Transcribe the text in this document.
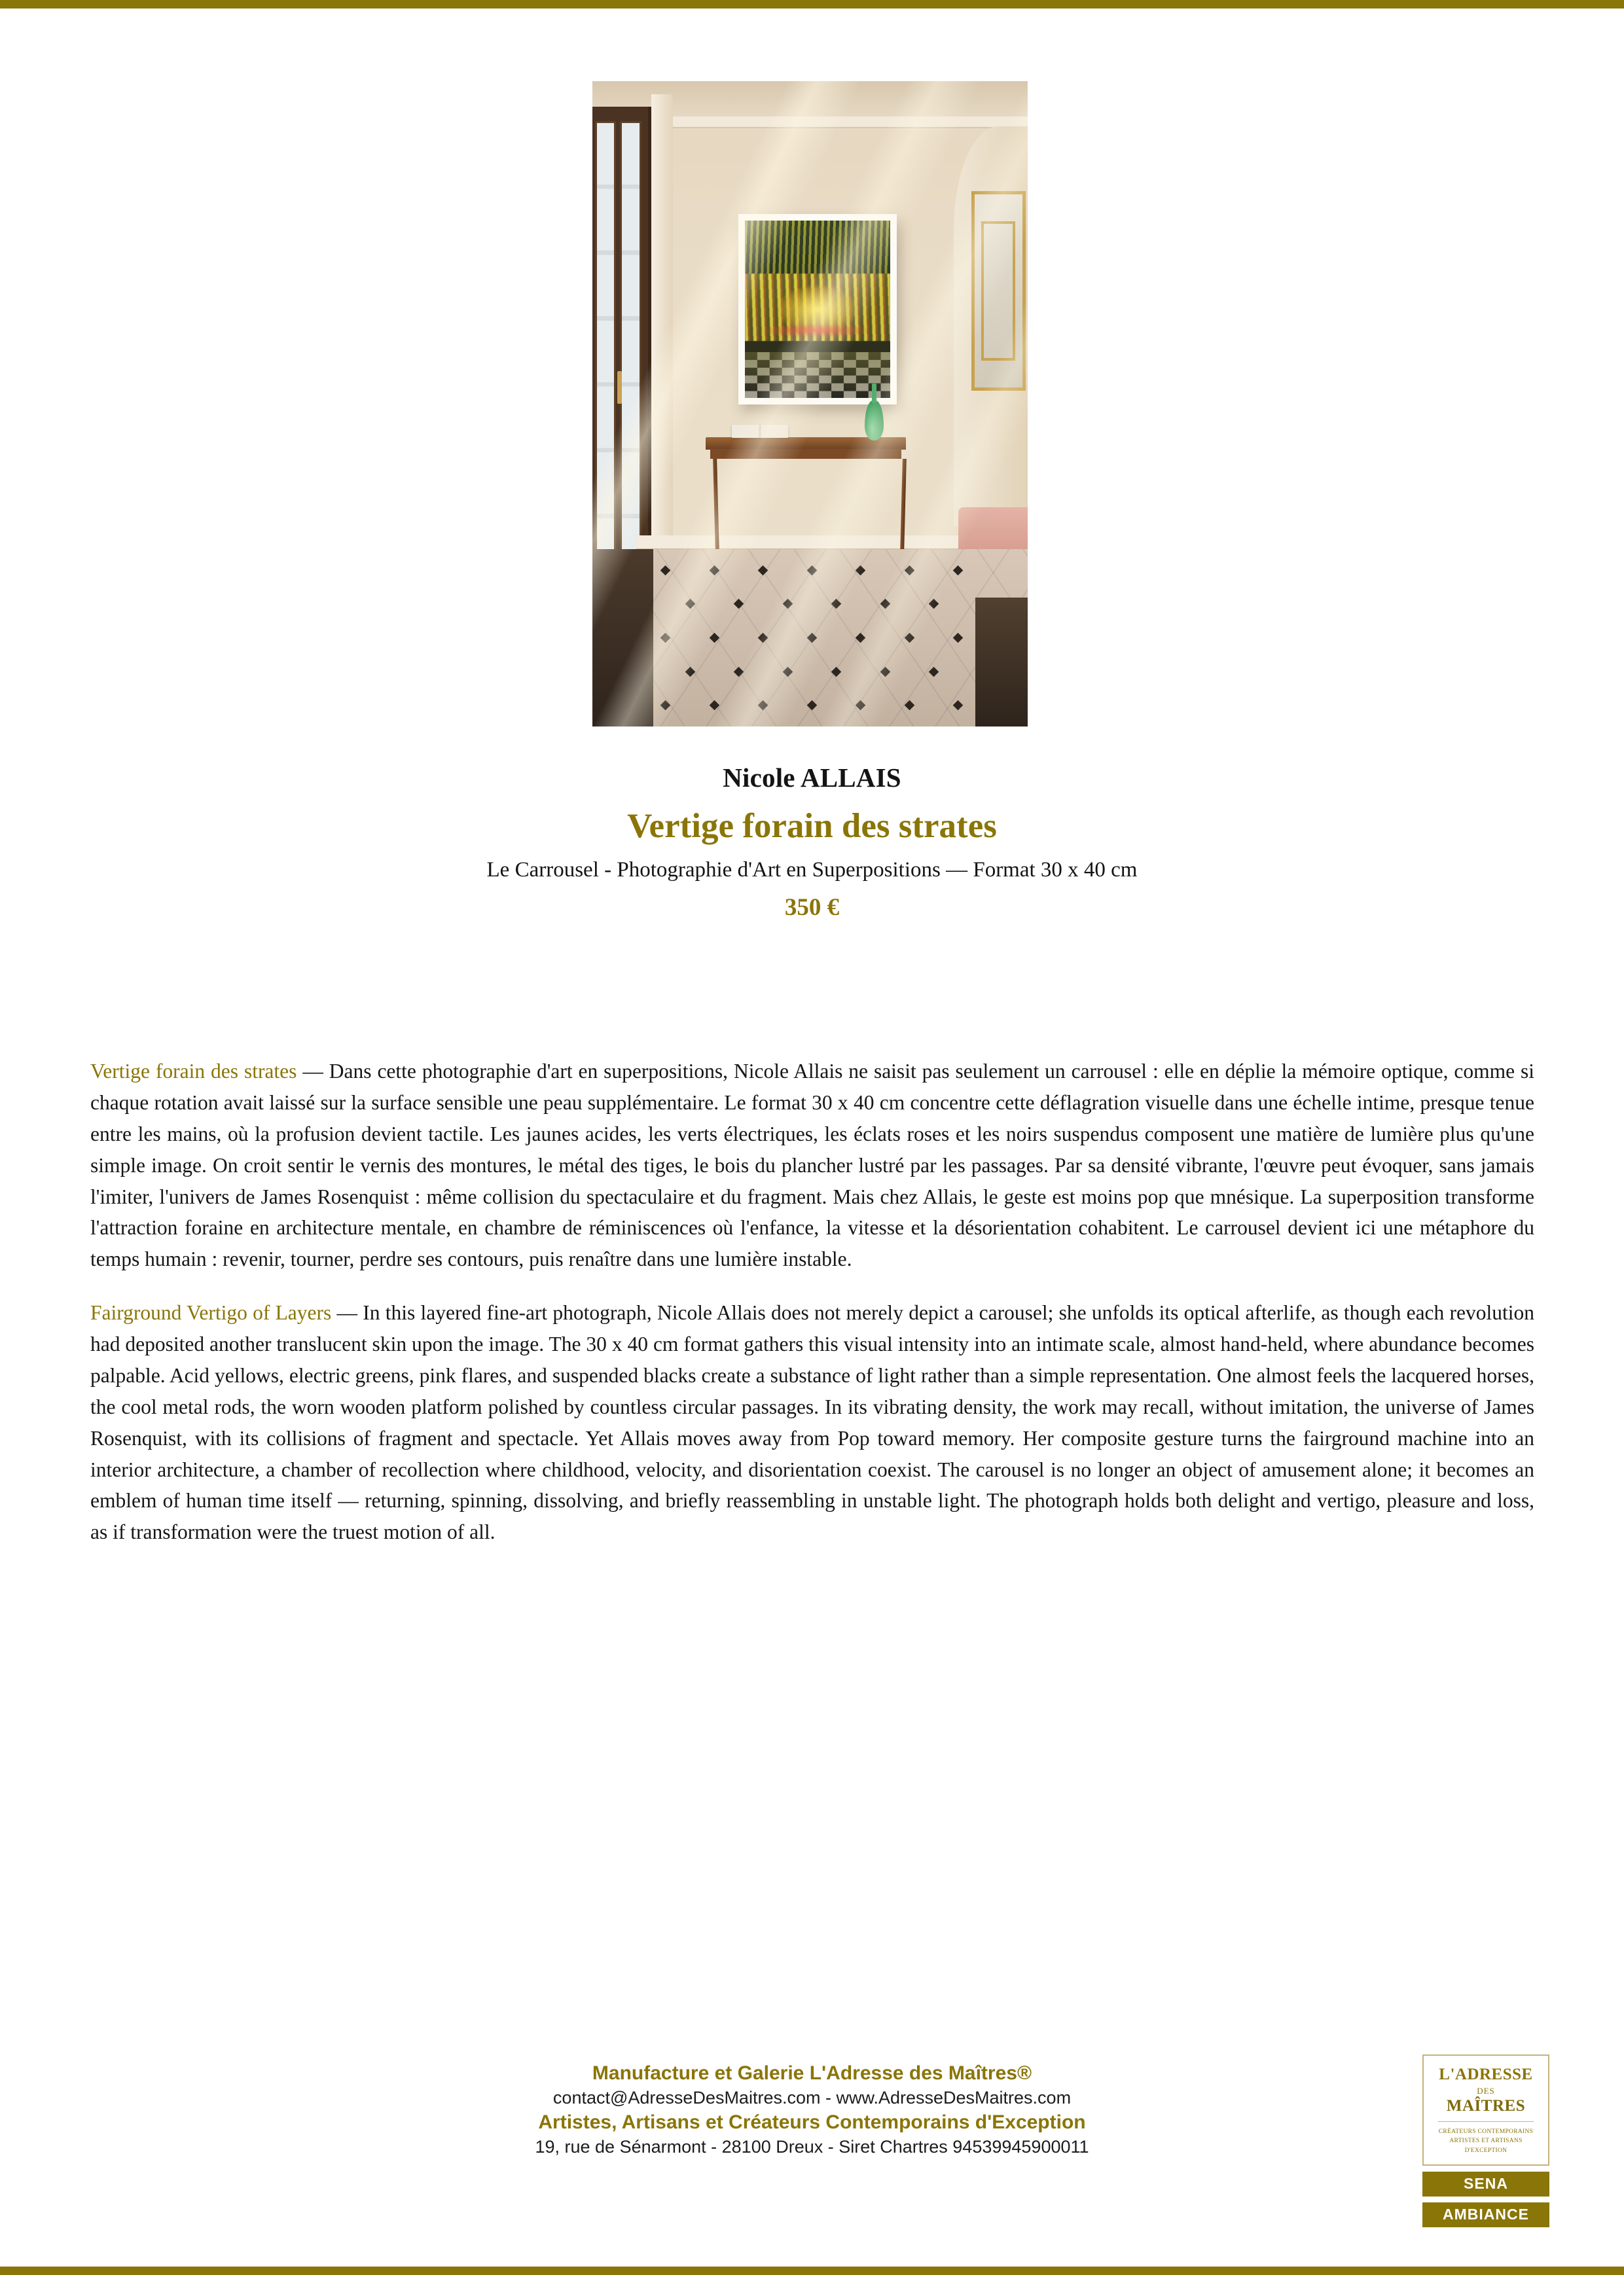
Nicole ALLAIS
Vertige forain des strates
Le Carrousel - Photographie d'Art en Superpositions — Format 30 x 40 cm
350 €

Vertige forain des strates — Dans cette photographie d'art en superpositions, Nicole Allais ne saisit pas seulement un carrousel : elle en déplie la mémoire optique, comme si chaque rotation avait laissé sur la surface sensible une peau supplémentaire. Le format 30 x 40 cm concentre cette déflagration visuelle dans une échelle intime, presque tenue entre les mains, où la profusion devient tactile. Les jaunes acides, les verts électriques, les éclats roses et les noirs suspendus composent une matière de lumière plus qu'une simple image. On croit sentir le vernis des montures, le métal des tiges, le bois du plancher lustré par les passages. Par sa densité vibrante, l'œuvre peut évoquer, sans jamais l'imiter, l'univers de James Rosenquist : même collision du spectaculaire et du fragment. Mais chez Allais, le geste est moins pop que mnésique. La superposition transforme l'attraction foraine en architecture mentale, en chambre de réminiscences où l'enfance, la vitesse et la désorientation cohabitent. Le carrousel devient ici une métaphore du temps humain : revenir, tourner, perdre ses contours, puis renaître dans une lumière instable.

Fairground Vertigo of Layers — In this layered fine-art photograph, Nicole Allais does not merely depict a carousel; she unfolds its optical afterlife, as though each revolution had deposited another translucent skin upon the image. The 30 x 40 cm format gathers this visual intensity into an intimate scale, almost hand-held, where abundance becomes palpable. Acid yellows, electric greens, pink flares, and suspended blacks create a substance of light rather than a simple representation. One almost feels the lacquered horses, the cool metal rods, the worn wooden platform polished by countless circular passages. In its vibrating density, the work may recall, without imitation, the universe of James Rosenquist, with its collisions of fragment and spectacle. Yet Allais moves away from Pop toward memory. Her composite gesture turns the fairground machine into an interior architecture, a chamber of recollection where childhood, velocity, and disorientation coexist. The carousel is no longer an object of amusement alone; it becomes an emblem of human time itself — returning, spinning, dissolving, and briefly reassembling in unstable light. The photograph holds both delight and vertigo, pleasure and loss, as if transformation were the truest motion of all.

Manufacture et Galerie L'Adresse des Maîtres®
contact@AdresseDesMaitres.com - www.AdresseDesMaitres.com
Artistes, Artisans et Créateurs Contemporains d'Exception
19, rue de Sénarmont - 28100 Dreux - Siret Chartres 94539945900011
L'ADRESSE
DES
MAÎTRES
CRÉATEURS CONTEMPORAINS
ARTISTES ET ARTISANS
D'EXCEPTION
SENA
AMBIANCE
